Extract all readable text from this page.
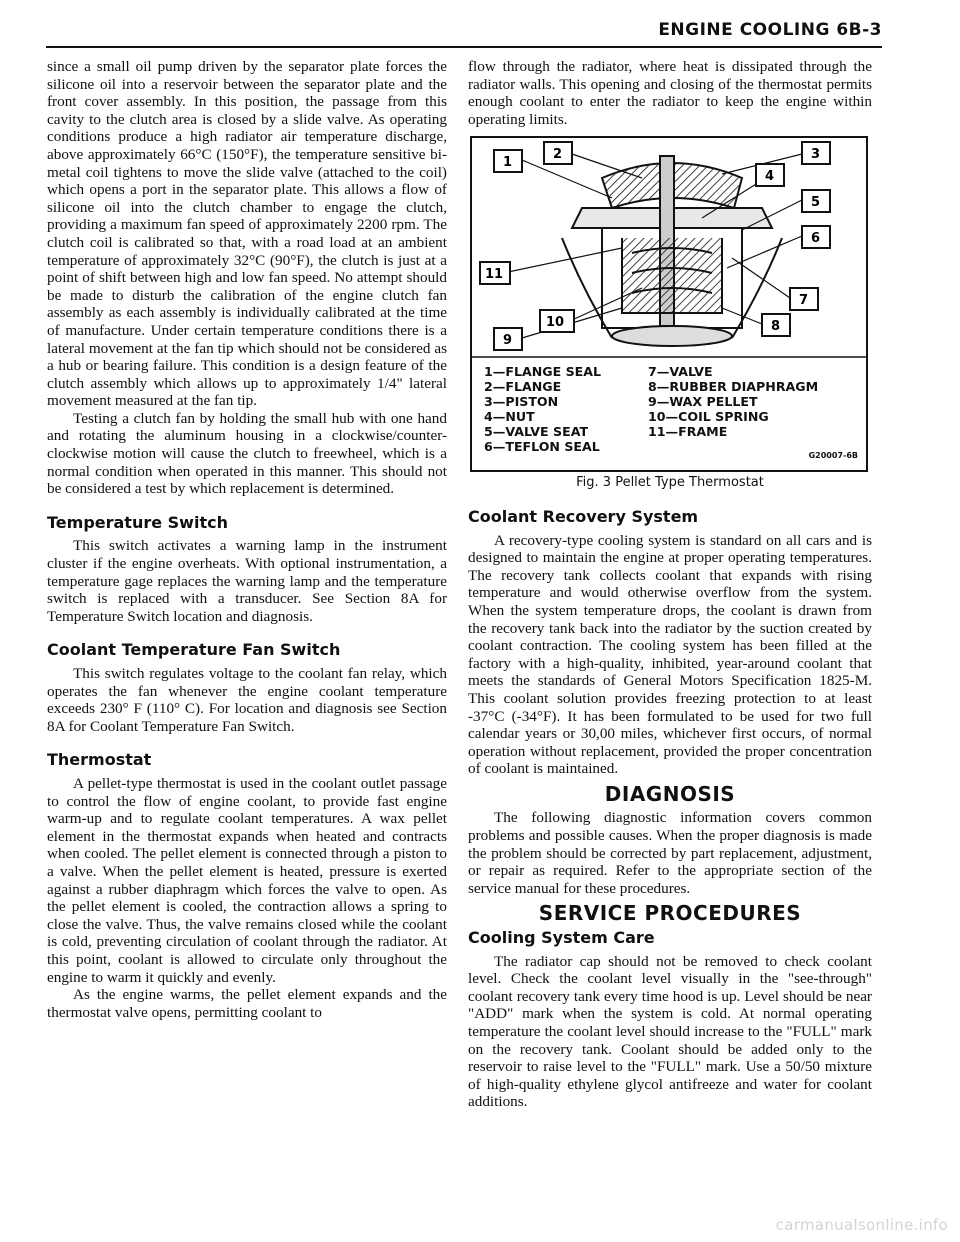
ENGINE COOLING 6B-3

since a small oil pump driven by the separator plate forces the silicone oil into a reservoir between the separator plate and the front cover assembly. In this position, the passage from this cavity to the clutch area is closed by a slide valve. As operating conditions produce a high radiator air temperature discharge, above approximately 66°C (150°F), the temperature sensitive bi-metal coil tightens to move the slide valve (attached to the coil) which opens a port in the separator plate. This allows a flow of silicone oil into the clutch chamber to engage the clutch, providing a maximum fan speed of approximately 2200 rpm. The clutch coil is calibrated so that, with a road load at an ambient temperature of approximately 32°C (90°F), the clutch is just at a point of shift between high and low fan speed. No attempt should be made to disturb the calibration of the engine clutch fan assembly as each assembly is individually calibrated at the time of manufacture. Under certain temperature conditions there is a lateral movement at the fan tip which should not be considered as a hub or bearing failure. This condition is a design feature of the clutch assembly which allows up to approximately 1/4" lateral movement measured at the fan tip.

Testing a clutch fan by holding the small hub with one hand and rotating the aluminum housing in a clockwise/counter-clockwise motion will cause the clutch to freewheel, which is a normal condition when operated in this manner. This should not be considered a test by which replacement is determined.

Temperature Switch

This switch activates a warning lamp in the instrument cluster if the engine overheats. With optional instrumentation, a temperature gage replaces the warning lamp and the temperature switch is replaced with a transducer. See Section 8A for Temperature Switch location and diagnosis.

Coolant Temperature Fan Switch

This switch regulates voltage to the coolant fan relay, which operates the fan whenever the engine coolant temperature exceeds 230° F (110° C). For location and diagnosis see Section 8A for Coolant Temperature Fan Switch.

Thermostat

A pellet-type thermostat is used in the coolant outlet passage to control the flow of engine coolant, to provide fast engine warm-up and to regulate coolant temperatures. A wax pellet element in the thermostat expands when heated and contracts when cooled. The pellet element is connected through a piston to a valve. When the pellet element is heated, pressure is exerted against a rubber diaphragm which forces the valve to open. As the pellet element is cooled, the contraction allows a spring to close the valve. Thus, the valve remains closed while the coolant is cold, preventing circulation of coolant through the radiator. At this point, coolant is allowed to circulate only throughout the engine to warm it quickly and evenly.

As the engine warms, the pellet element expands and the thermostat valve opens, permitting coolant to

flow through the radiator, where heat is dissipated through the radiator walls. This opening and closing of the thermostat permits enough coolant to enter the radiator to keep the engine within operating limits.

1
2	3
4
5
6
7
8
9
10
11
1—FLANGE SEAL
2—FLANGE
3—PISTON
4—NUT
5—VALVE SEAT
6—TEFLON SEAL
7—VALVE
8—RUBBER DIAPHRAGM
9—WAX PELLET
10—COIL SPRING
11—FRAME
G20007-6B
Fig. 3 Pellet Type Thermostat
Coolant Recovery System

A recovery-type cooling system is standard on all cars and is designed to maintain the engine at proper operating temperatures. The recovery tank collects coolant that expands with rising temperature and would otherwise overflow from the system. When the system temperature drops, the coolant is drawn from the recovery tank back into the radiator by the suction created by coolant contraction. The cooling system has been filled at the factory with a high-quality, inhibited, year-around coolant that meets the standards of General Motors Specification 1825-M. This coolant solution provides freezing protection to at least -37°C (-34°F). It has been formulated to be used for two full calendar years or 30,00 miles, whichever first occurs, of normal operation without replacement, provided the proper concentration of coolant is maintained.

DIAGNOSIS

The following diagnostic information covers common problems and possible causes. When the proper diagnosis is made the problem should be corrected by part replacement, adjustment, or repair as required. Refer to the appropriate section of the service manual for these procedures.

SERVICE PROCEDURES
Cooling System Care

The radiator cap should not be removed to check coolant level. Check the coolant level visually in the "see-through" coolant recovery tank every time hood is up. Level should be near "ADD" mark when the system is cold. At normal operating temperature the coolant level should increase to the "FULL" mark on the recovery tank. Coolant should be added only to the reservoir to raise level to the "FULL" mark. Use a 50/50 mixture of high-quality ethylene glycol antifreeze and water for coolant additions.

carmanualsonline.info
